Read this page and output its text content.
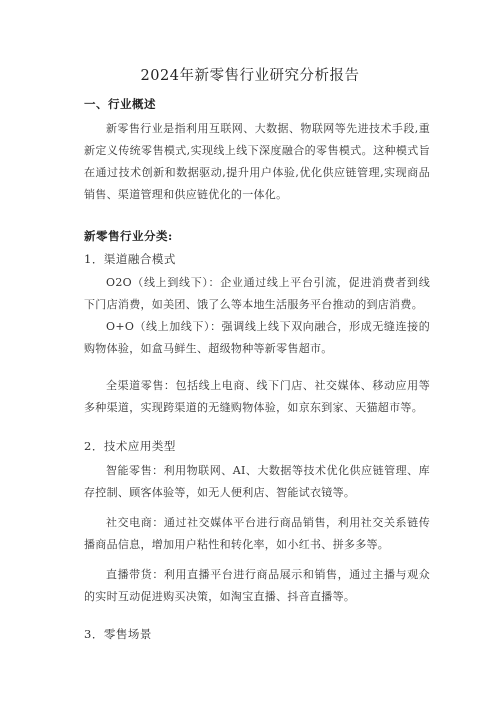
2024年新零售行业研究分析报告
一、行业概述
新零售行业是指利用互联网、大数据、物联网等先进技术手段,重新定义传统零售模式,实现线上线下深度融合的零售模式。这种模式旨在通过技术创新和数据驱动,提升用户体验,优化供应链管理,实现商品销售、渠道管理和供应链优化的一体化。
新零售行业分类:
1．渠道融合模式
O2O（线上到线下）：企业通过线上平台引流，促进消费者到线下门店消费，如美团、饿了么等本地生活服务平台推动的到店消费。
O+O（线上加线下）：强调线上线下双向融合，形成无缝连接的购物体验，如盒马鲜生、超级物种等新零售超市。
全渠道零售：包括线上电商、线下门店、社交媒体、移动应用等多种渠道，实现跨渠道的无缝购物体验，如京东到家、天猫超市等。
2．技术应用类型
智能零售：利用物联网、AI、大数据等技术优化供应链管理、库存控制、顾客体验等，如无人便利店、智能试衣镜等。
社交电商：通过社交媒体平台进行商品销售，利用社交关系链传播商品信息，增加用户粘性和转化率，如小红书、拼多多等。
直播带货：利用直播平台进行商品展示和销售，通过主播与观众的实时互动促进购买决策，如淘宝直播、抖音直播等。
3．零售场景
